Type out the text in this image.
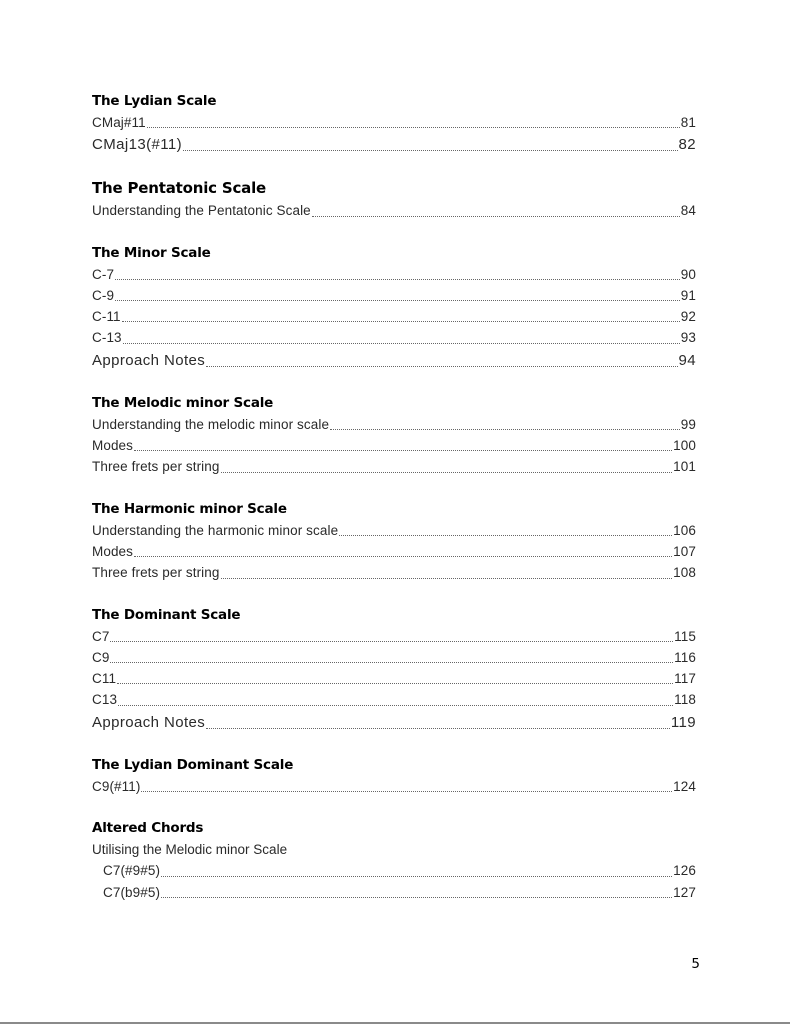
The Lydian Scale
CMaj#11	81
CMaj13(#11)	82
The Pentatonic Scale
Understanding the Pentatonic Scale	84
The Minor Scale
C-7	90
C-9	91
C-11	92
C-13	93
Approach Notes	94
The Melodic minor Scale
Understanding the melodic minor scale	99
Modes	100
Three frets per string	101
The Harmonic minor Scale
Understanding the harmonic minor scale	106
Modes	107
Three frets per string	108
The Dominant Scale
C7	115
C9	116
C11	117
C13	118
Approach Notes	119
The Lydian Dominant Scale
C9(#11)	124
Altered Chords
Utilising the Melodic minor Scale
C7(#9#5)	126
C7(b9#5)	127
5
